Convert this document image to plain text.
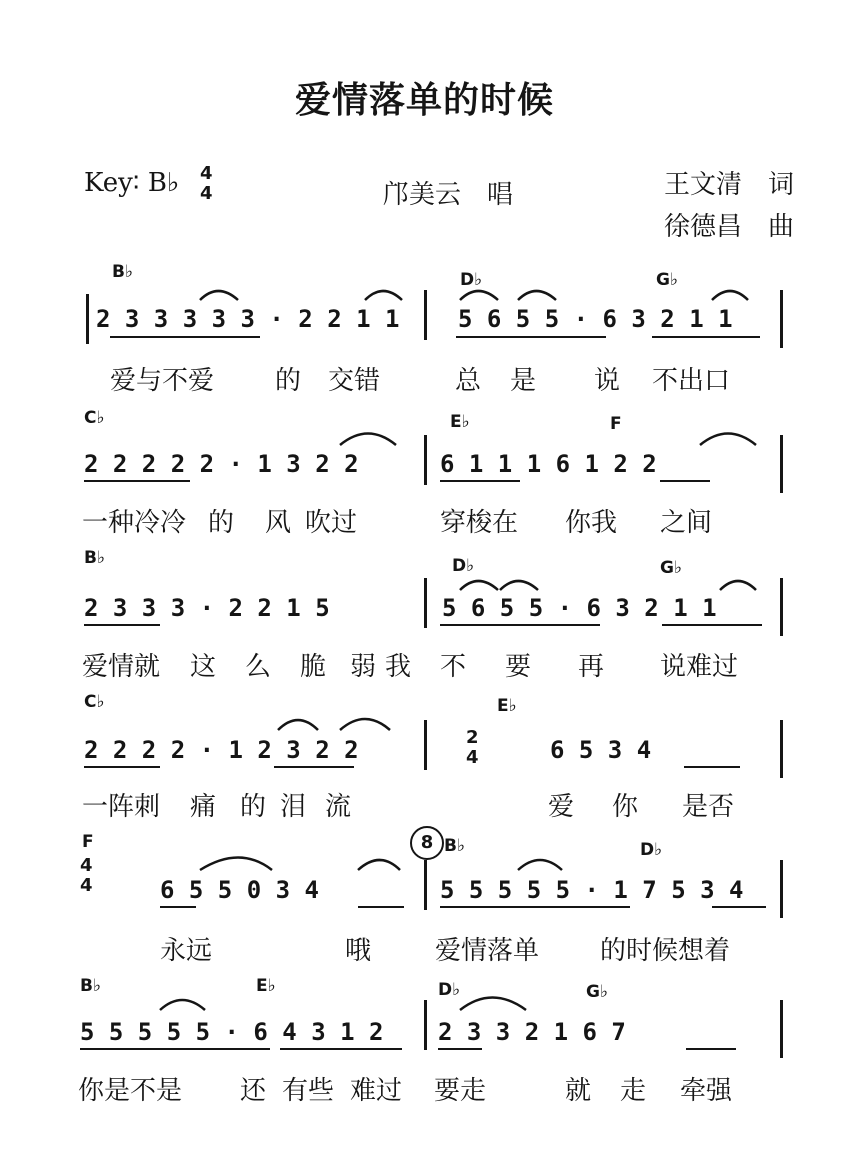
爱情落单的时候
Key∶ B♭ 4
4	邝美云　唱	王文清　词
徐德昌　曲
B♭	D♭	G♭
2 3 3 3 3 3 · 2 2 1 1 5 6 5 5 · 6 3 2 1 1
爱与不爱 的 交错	总 是 说 不出口
C♭	E♭	F
2 2 2 2 2 · 1 3 2 2	6 1 1 1 6 1 2 2
一种冷冷 的 风 吹过	穿梭在 你我 之间
B♭	D♭	G♭
2 3 3 3 · 2 2 1 5	5 6 5 5 · 6 3 2 1 1
爱情就 这 么 脆 弱 我 不 要 再 说难过
C♭	E♭
2 2 2 2 · 1 2 3 2 2	2
4	6 5 3 4
一阵刺 痛 的 泪 流	爱 你 是否
F
4
4
8 B♭	D♭
6 5 5 0 3 4	5 5 5 5 5 · 1 7 5 3 4
永远	哦 爱情落单 的时候想着
B♭	E♭	D♭	G♭
5 5 5 5 5 · 6 4 3 1 2 2 3 3 2 1 6 7
你是不是 还 有些 难过 要走	就 走 牵强
